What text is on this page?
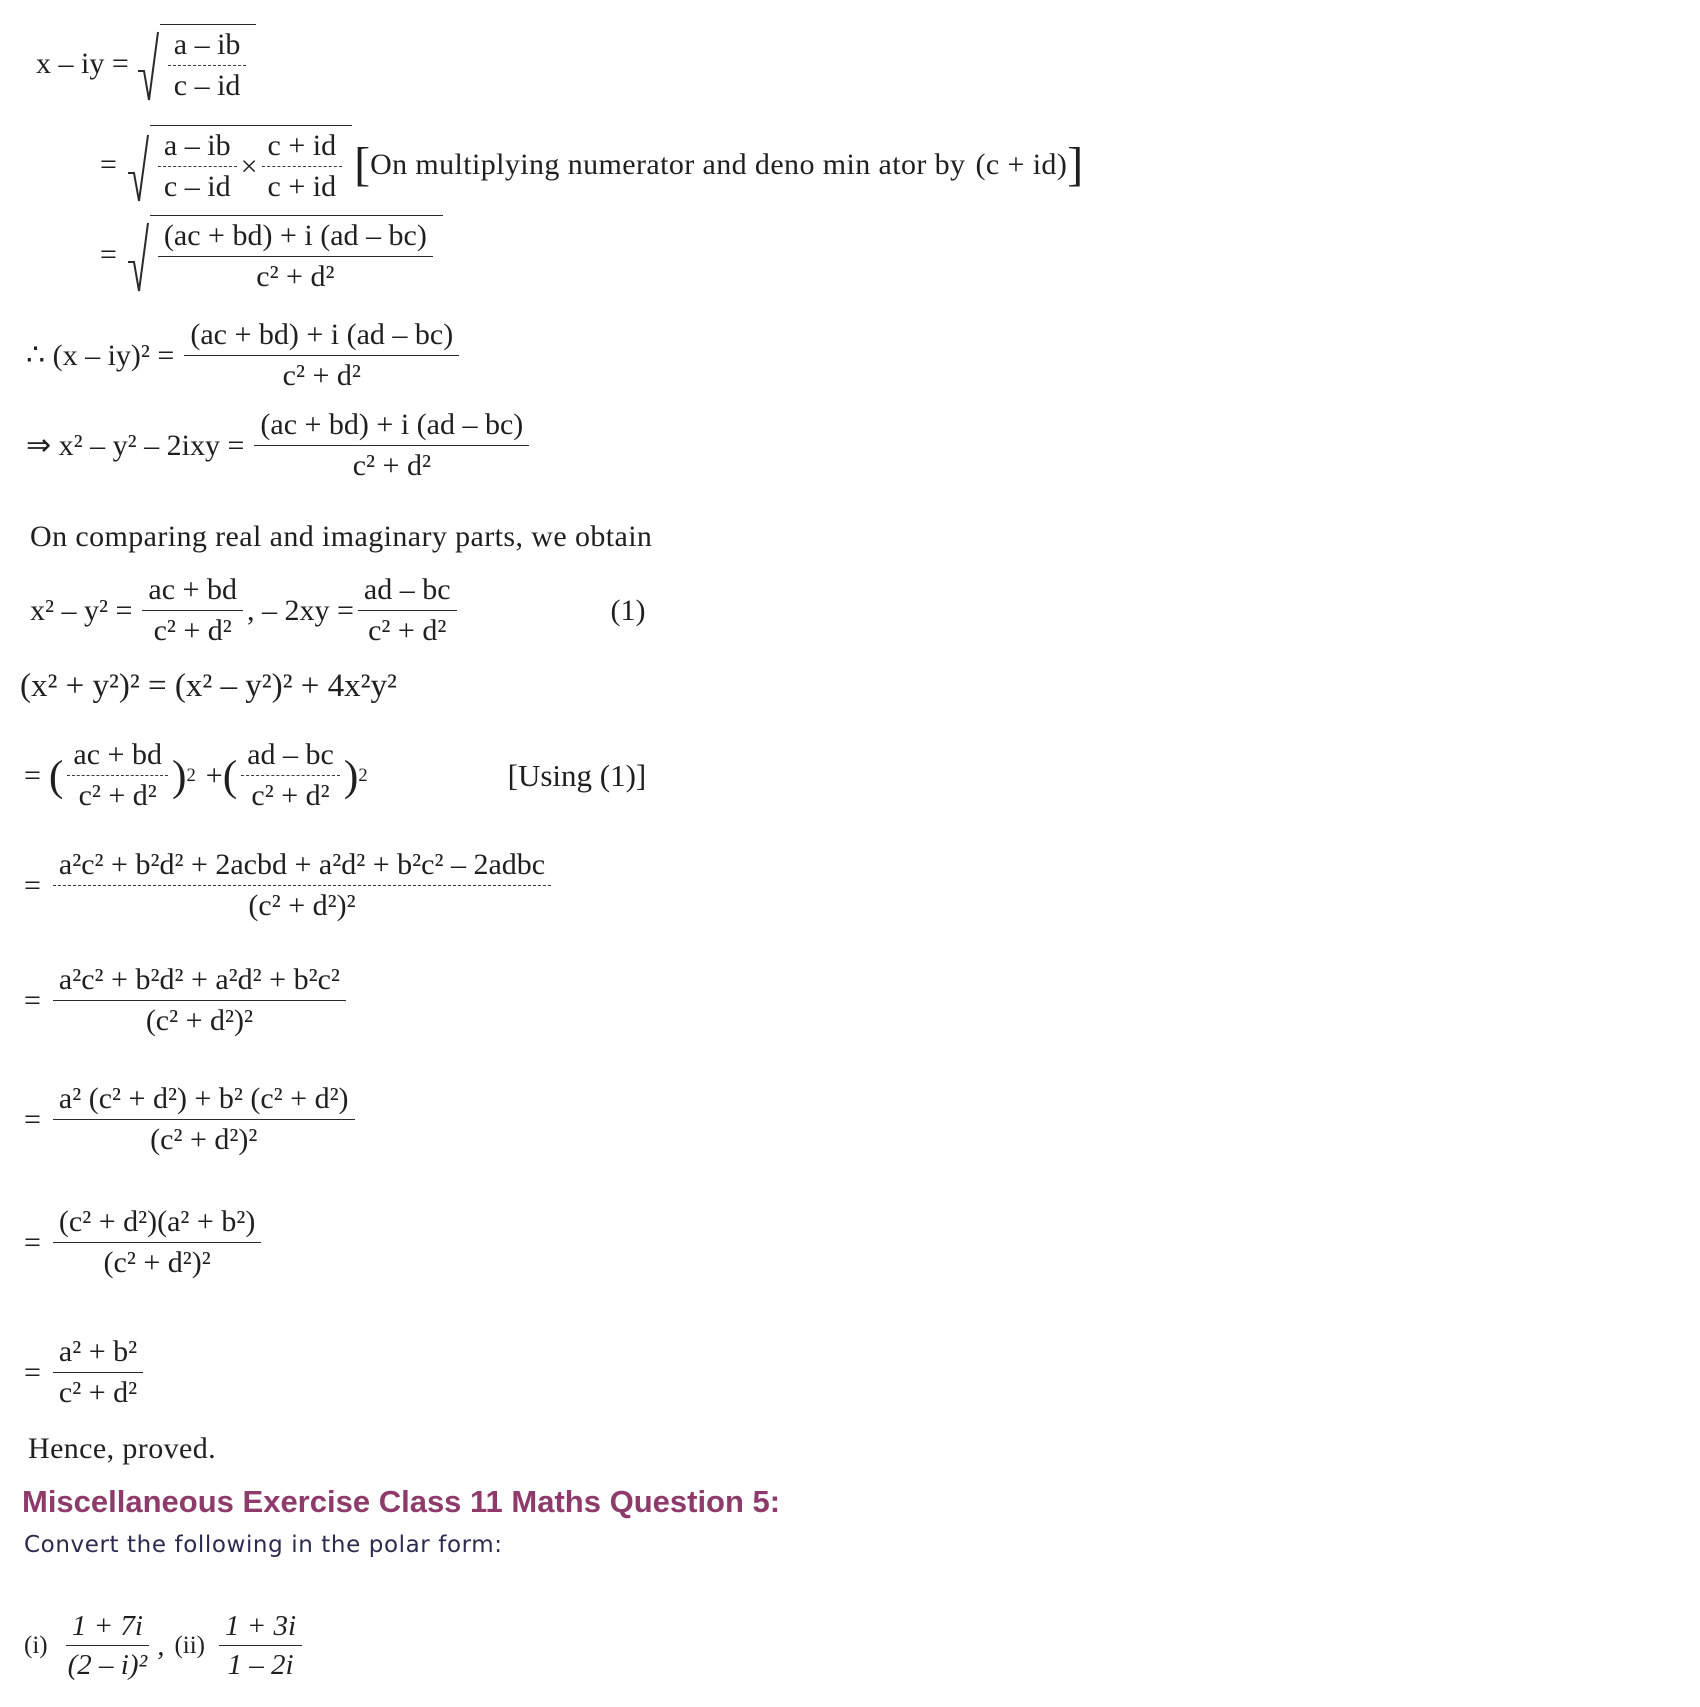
x – iy = $\frac{a - ib}{c - id}$
= $\frac{a - ib}{c - id} \times \frac{c + id}{c + id}$ [ On multiplying numerator and deno min ator by (c + id) ]
= $\frac{(ac + bd) + i (ad - bc)}{\text{c² + d²}}$
∴ $(x - iy)^2 = \frac{(ac + bd) + i (ad - bc)}{\text{c² + d²}}$
⇒ $x^2 - y^2 - 2ixy = \frac{(ac + bd) + i (ad - bc)}{\text{c² + d²}}$
On comparing real and imaginary parts, we obtain
$x^2 - y^2 = \frac{ac + bd}{\text{c² + d²}}$ , – $2xy = \frac{ad - bc}{\text{c² + d²}}$	(1)
(x² + y²)² = (x² – y²)² + 4x²y²
= ( $\frac{ac + bd}{\text{c² + d²}}$ ) 2 + ( $\frac{ad - bc}{\text{c² + d²}}$ ) 2	[Using (1)]
= $\frac{\text{a²c² + b²d² + 2acbd + a²d² + b²c² – 2adbc}}{\text{(c² + d²)²}}$
= $\frac{\text{a²c² + b²d² + a²d² + b²c²}}{\text{(c² + d²)²}}$
= $\frac{\text{a² (c² + d²) + b² (c² + d²)}}{\text{(c² + d²)²}}$
= $\frac{\text{(c² + d²)(a² + b²)}}{\text{(c² + d²)²}}$
= $\frac{\text{a² + b²}}{\text{c² + d²}}$
Hence, proved.
Miscellaneous Exercise Class 11 Maths Question 5:
Convert the following in the polar form:
$(i) \frac{1 + 7i}{\text{(2 – i)²}}$ , $(ii) \frac{1 + 3i}{1 - 2i}$
